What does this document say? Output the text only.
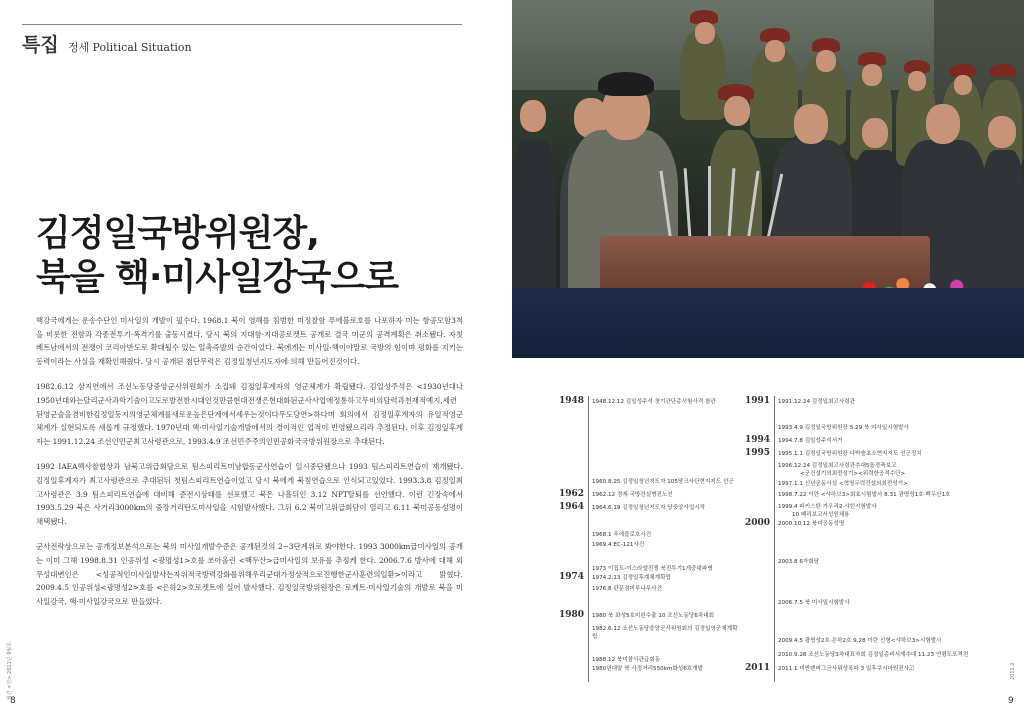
특집 정세 Political Situation
김정일국방위원장,
북을 핵·미사일강국으로

핵강국에게는 운송수단인 미사일의 개발이 필수다. 1968.1 북이 영해를 침범한 미정찰함 푸에블로호를 나포하자 미는 항공모함3척을 비롯한 전함과 각종전투기·폭격기를 출동시켰다. 당시 북의 지대함·지대공로켓트 공개로 결국 미군의 공격계획은 취소됐다. 자칫 베트남에서의 전쟁이 코리아반도로 확대될수 있는 일촉즉발의 순간이었다. 북에게는 미사일·핵이야말로 국방의 힘이며 평화를 지키는 동력이라는 사실을 재확인해줬다. 당시 공개된 첨단무력은 김정일청년지도자에 의해 만들어진것이다.

1982.6.12 삼지연에서 조선노동당중앙군사위원회가 소집돼 김정일후계자의 영군체계가 확립됐다. 김일성주석은 <1930년대나1950년대와는달리군사과학기술이고도로발전한시대인것만큼현대전쟁은현대화된군사사업에정통하고무비의담력과천재적예지,세련된영군술을겸비한김정일동지의영군체계를새로운높은단계에서세우는것이다무도당연>하다며 회의에서 김정일후계자의 유일적영군체계가 실현되도록 새롭게 규정했다. 1970년대 핵·미사일기술개발에서의 경이적인 업적이 반영됐으리라 추정된다. 이후 김정일후계자는 1991.12.24 조선인민군최고사령관으로, 1993.4.9 조선민주주의인민공화국국방위원장으로 추대된다.

1992 IAEA핵사찰협상과 남북고위급회담으로 팀스피리트미남합동군사연습이 일시중단됐으나 1993 팀스피리트연습이 재개됐다. 김정일후계자가 최고사령관으로 추대된뒤 첫팀스피리트연습이었고 당시 북에게 북침연습으로 인식되고있었다. 1993.3.8 김정일최고사령관은 3.9 팀스피리트연습에 대비해 준전시상태를 선포했고 북은 나흘뒤인 3.12 NPT탈퇴를 선언했다. 이런 긴장속에서 1993.5.29 북은 사거리3000km의 중장거리탄도미사일을 시험발사했다. 그뒤 6.2 북미고위급회담이 열리고 6.11 북미공동성명이 채택됐다.

군사전략상으로는 공개정보분석으로는 북의 미사일개발수준은 공개된것의 2~3단계위로 봐야한다. 1993 3000km급미사일의 공개는 이미 그해 1998.8.31 인공위성 <광명성1>호를 쏘아올린 <백두산>급미사일의 보유를 추정케 한다. 2006.7.6 방사에 대해 외무성대변인은 <성공적인미사일발사는자위적국방력강화를위해우리군대가정상적으로진행한군사훈련의일환>이라고 밝혔다. 2009.4.5 인공위성<광명성2>호를 <은하2>호로켓트에 실어 발사했다. 김정일국방위원장은 로케트·미사일기술의 개발로 북을 미사일강국, 핵·미사일강국으로 만들었다.

월간 <민> 2011년 9월호
8
1948 1948.12.12 김일성주석 첫기관단총시험사격 참관
1960.8.25 김정일청년지도자 105땅크사단현지지도 선군
1962 1962.12 경제·국방건설병진노선
1964 1964.6.19 김정일청년지도자 당중앙사업시작
1968.1 푸에블로호사건
1969.4 EC-121사건
1973 이집트-이스라엘전쟁 북전투기1개중대파병
1974 1974.2.13 김정일후계체계확립
1976.8 판문점미루나무사건
1980 1980 북 화성5호미완수출 10 조선노동당6차대회
1982.6.12 조선노동당중앙군사위원회의 김정일영군체계확립
1988.12 북미참사관급회동
1980년대말 북 사정거리550km화성6호개발
1991 1991.12.24 김정일최고사령관
1993.4.9 김정일국방위원장 5.29 북 미사일시험발사
1994 1994.7.8 김일성주석서거
1995 1995.1.1 김정일국방위원장 다박솔초소현지지도 선군정치
1996.12.24 김정일최고사령관추대5돌경축보고
<군건설기의최전성기><위력한공격수단>
1997.1.1 신년공동사설 <혁명무력건설의최전성기>
1998.7.22 이란 <샤하브3>회효시험발사 8.31 광명성1호·백두산1호
1999.4 파키스탄 가우리2·샤힌시험발사
10 페리보고서성원채용
2000 2000.10.12 북미공동성명
2003.8 6자회담
2006.7.5 북 미사일시험발사
2009.4.5 광명성2호·은하2호 9.28 이란 신형<샤하브3>시험발사
2010.9.28 조선노동당3차대표자회 김정일총비서재추대 11.23 연평도포격전
2011 2011.1 미반덴버그군사위성폭파 3 일후쿠시마원전사고	2011.2
9
